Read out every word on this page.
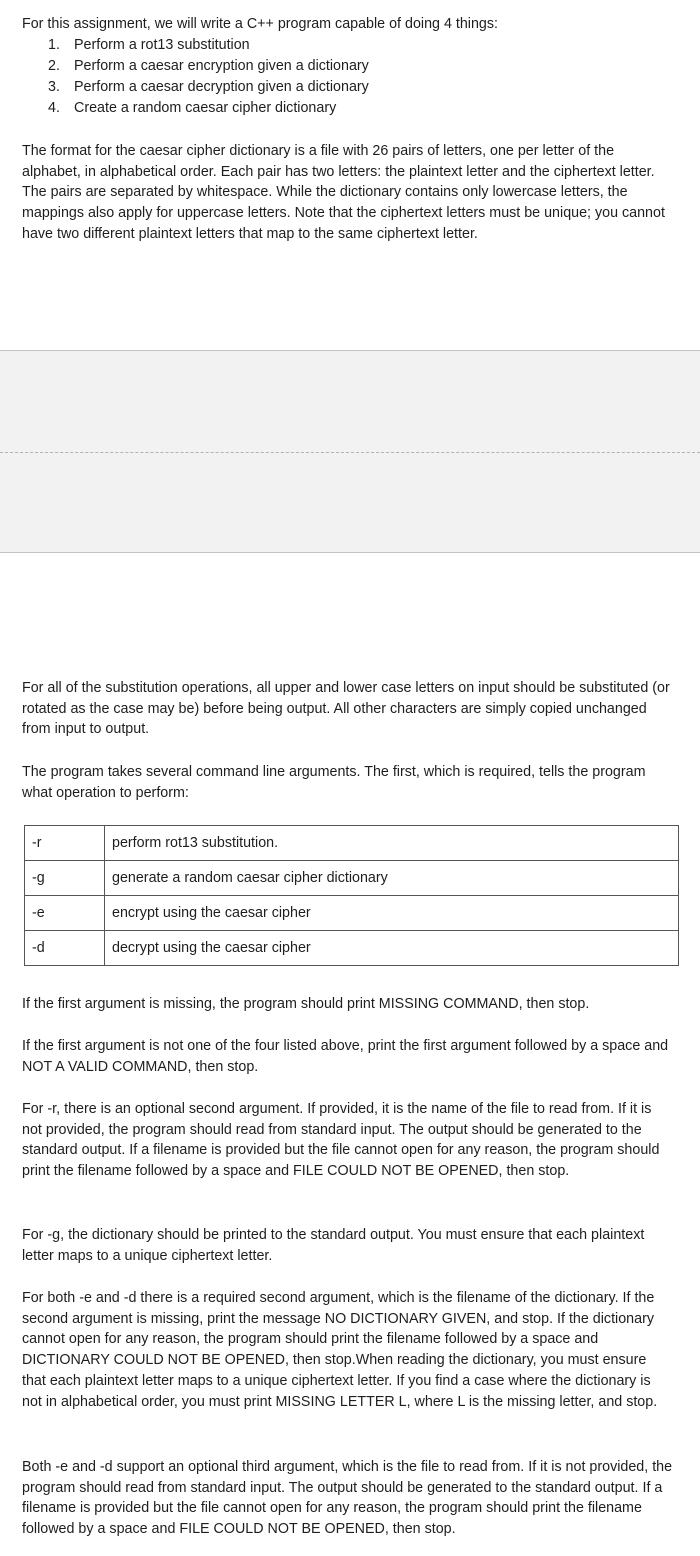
For this assignment, we will write a C++ program capable of doing 4 things:

1. Perform a rot13 substitution
2. Perform a caesar encryption given a dictionary
3. Perform a caesar decryption given a dictionary
4. Create a random caesar cipher dictionary

The format for the caesar cipher dictionary is a file with 26 pairs of letters, one per letter of the alphabet, in alphabetical order. Each pair has two letters: the plaintext letter and the ciphertext letter. The pairs are separated by whitespace. While the dictionary contains only lowercase letters, the mappings also apply for uppercase letters. Note that the ciphertext letters must be unique; you cannot have two different plaintext letters that map to the same ciphertext letter.

For all of the substitution operations, all upper and lower case letters on input should be substituted (or rotated as the case may be) before being output. All other characters are simply copied unchanged from input to output.

The program takes several command line arguments. The first, which is required, tells the program what operation to perform:

-r	perform rot13 substitution.
-g	generate a random caesar cipher dictionary
-e	encrypt using the caesar cipher
-d	decrypt using the caesar cipher

If the first argument is missing, the program should print MISSING COMMAND, then stop.

If the first argument is not one of the four listed above, print the first argument followed by a space and NOT A VALID COMMAND, then stop.

For -r, there is an optional second argument. If provided, it is the name of the file to read from. If it is not provided, the program should read from standard input. The output should be generated to the standard output. If a filename is provided but the file cannot open for any reason, the program should print the filename followed by a space and FILE COULD NOT BE OPENED, then stop.

For -g, the dictionary should be printed to the standard output. You must ensure that each plaintext letter maps to a unique ciphertext letter.

For both -e and -d there is a required second argument, which is the filename of the dictionary. If the second argument is missing, print the message NO DICTIONARY GIVEN, and stop. If the dictionary cannot open for any reason, the program should print the filename followed by a space and DICTIONARY COULD NOT BE OPENED, then stop.When reading the dictionary, you must ensure that each plaintext letter maps to a unique ciphertext letter. If you find a case where the dictionary is not in alphabetical order, you must print MISSING LETTER L, where L is the missing letter, and stop.

Both -e and -d support an optional third argument, which is the file to read from. If it is not provided, the program should read from standard input. The output should be generated to the standard output. If a filename is provided but the file cannot open for any reason, the program should print the filename followed by a space and FILE COULD NOT BE OPENED, then stop.
